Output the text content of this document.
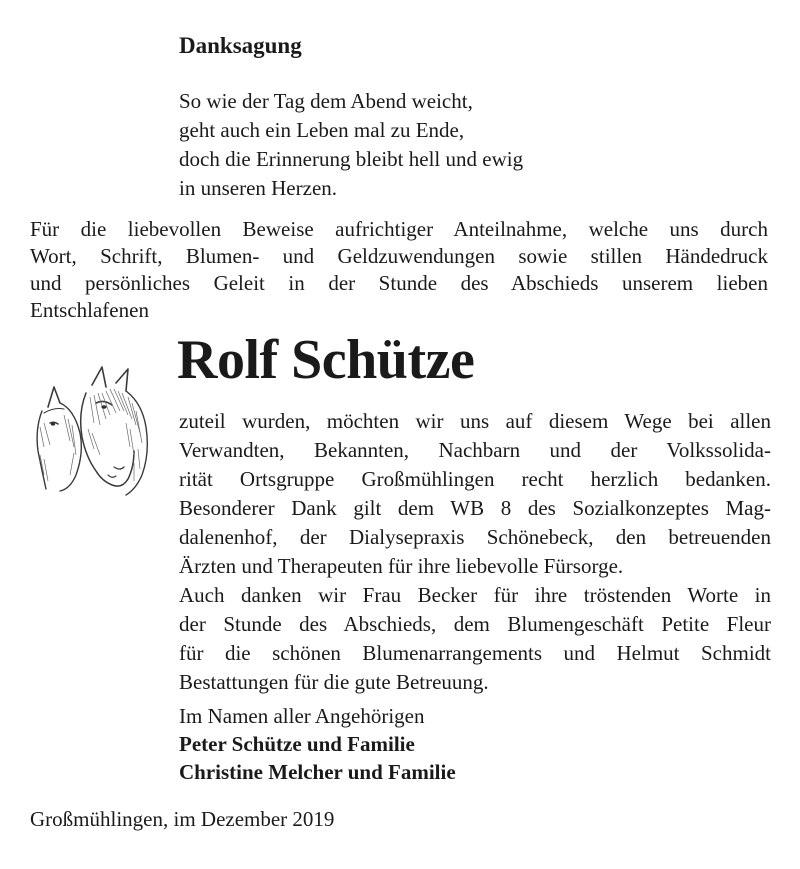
Danksagung
So wie der Tag dem Abend weicht,
geht auch ein Leben mal zu Ende,
doch die Erinnerung bleibt hell und ewig
in unseren Herzen.
Für die liebevollen Beweise aufrichtiger Anteilnahme, welche uns durch
Wort, Schrift, Blumen- und Geldzuwendungen sowie stillen Händedruck
und persönliches Geleit in der Stunde des Abschieds unserem lieben
Entschlafenen
Rolf Schütze
zuteil wurden, möchten wir uns auf diesem Wege bei allen
Verwandten, Bekannten, Nachbarn und der Volkssolida-
rität Ortsgruppe Großmühlingen recht herzlich bedanken.
Besonderer Dank gilt dem WB 8 des Sozialkonzeptes Mag-
dalenenhof, der Dialysepraxis Schönebeck, den betreuenden
Ärzten und Therapeuten für ihre liebevolle Fürsorge.
Auch danken wir Frau Becker für ihre tröstenden Worte in
der Stunde des Abschieds, dem Blumengeschäft Petite Fleur
für die schönen Blumenarrangements und Helmut Schmidt
Bestattungen für die gute Betreuung.
Im Namen aller Angehörigen
Peter Schütze und Familie
Christine Melcher und Familie
Großmühlingen, im Dezember 2019
